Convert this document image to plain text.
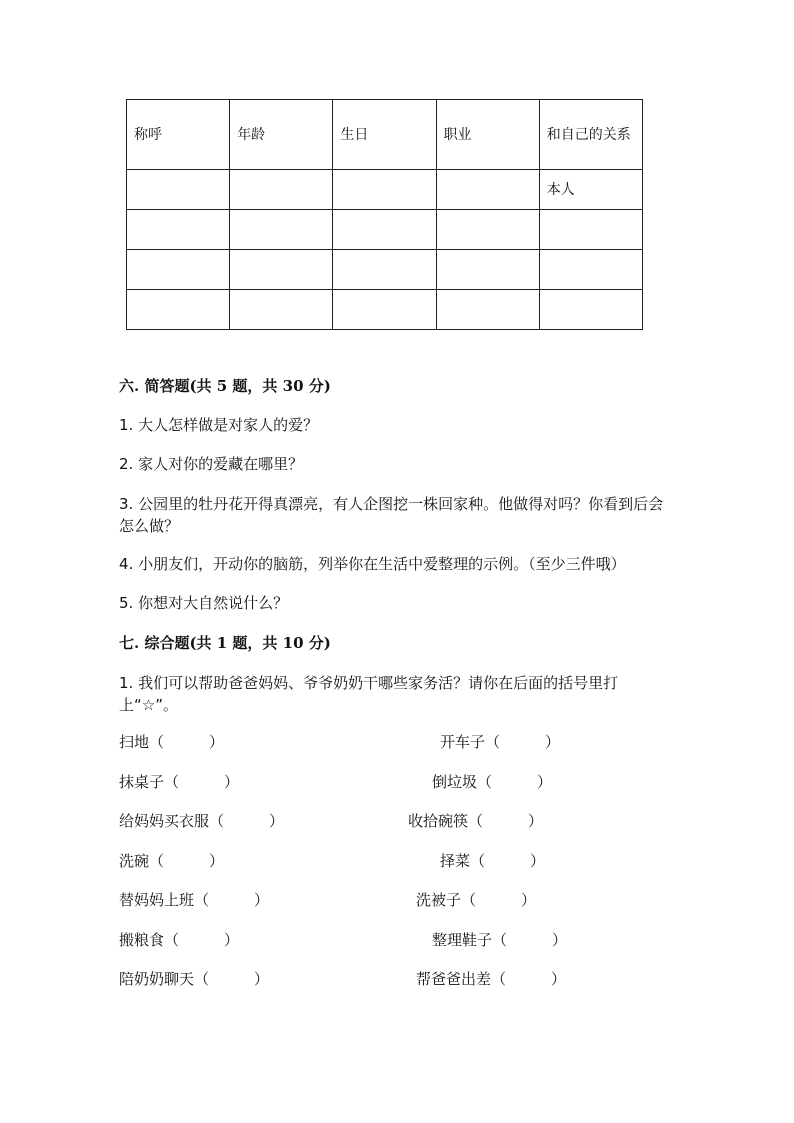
称呼	年龄	生日	职业	和自己的关系
				本人

六. 简答题(共 5 题，共 30 分)
1. 大人怎样做是对家人的爱？
2. 家人对你的爱藏在哪里？
3. 公园里的牡丹花开得真漂亮，有人企图挖一株回家种。他做得对吗？你看到后会怎么做？
4. 小朋友们，开动你的脑筋，列举你在生活中爱整理的示例。（至少三件哦）
5. 你想对大自然说什么？
七. 综合题(共 1 题，共 10 分)
1. 我们可以帮助爸爸妈妈、爷爷奶奶干哪些家务活？请你在后面的括号里打上“☆”。
扫地（　　　）
抹桌子（　　　）
给妈妈买衣服（　　　）
洗碗（　　　）
替妈妈上班（　　　）
搬粮食（　　　）
陪奶奶聊天（　　　）
开车子（　　　）
倒垃圾（　　　）
收拾碗筷（　　　）
择菜（　　　）
洗被子（　　　）
整理鞋子（　　　）
帮爸爸出差（　　　）
